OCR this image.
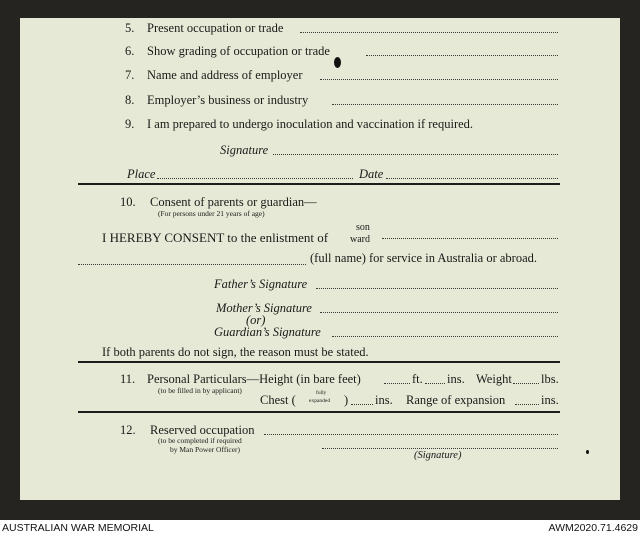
5. Present occupation or trade
6. Show grading of occupation or trade
7. Name and address of employer
8. Employer’s business or industry
9. I am prepared to undergo inoculation and vaccination if required.
Signature
Place	Date
10. Consent of parents or guardian—
(For persons under 21 years of age)
I HEREBY CONSENT to the enlistment of
son
ward
(full name) for service in Australia or abroad.
Father’s Signature
Mother’s Signature
(or)
Guardian’s Signature
If both parents do not sign, the reason must be stated.
11. Personal Particulars—Height (in bare feet)	ft. ins. Weight lbs.
(to be filled in by applicant)
Chest (	fully
expanded ) ins. Range of expansion	ins.
12. Reserved occupation
(to be completed if required
by Man Power Officer)
(Signature)
AUSTRALIAN WAR MEMORIAL	AWM2020.71.4629
